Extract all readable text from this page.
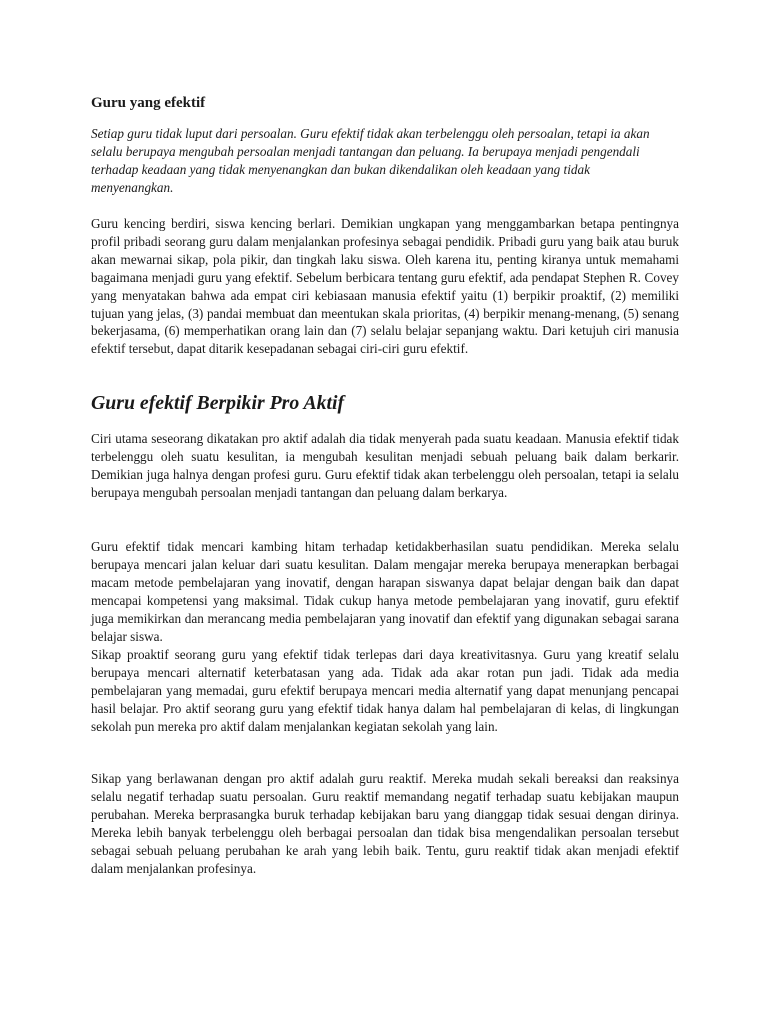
Guru yang efektif

Setiap guru tidak luput dari persoalan. Guru efektif tidak akan terbelenggu oleh persoalan, tetapi ia akan selalu berupaya mengubah persoalan menjadi tantangan dan peluang. Ia berupaya menjadi pengendali terhadap keadaan yang tidak menyenangkan dan bukan dikendalikan oleh keadaan yang tidak menyenangkan.

Guru kencing berdiri, siswa kencing berlari. Demikian ungkapan yang menggambarkan betapa pentingnya profil pribadi seorang guru dalam menjalankan profesinya sebagai pendidik. Pribadi guru yang baik atau buruk akan mewarnai sikap, pola pikir, dan tingkah laku siswa. Oleh karena itu, penting kiranya untuk memahami bagaimana menjadi guru yang efektif. Sebelum berbicara tentang guru efektif, ada pendapat Stephen R. Covey yang menyatakan bahwa ada empat ciri kebiasaan manusia efektif yaitu (1) berpikir proaktif, (2) memiliki tujuan yang jelas, (3) pandai membuat dan meentukan skala prioritas, (4) berpikir menang-menang, (5) senang bekerjasama, (6) memperhatikan orang lain dan (7) selalu belajar sepanjang waktu. Dari ketujuh ciri manusia efektif tersebut, dapat ditarik kesepadanan sebagai ciri-ciri guru efektif.

Guru efektif Berpikir Pro Aktif

Ciri utama seseorang dikatakan pro aktif adalah dia tidak menyerah pada suatu keadaan. Manusia efektif tidak terbelenggu oleh suatu kesulitan, ia mengubah kesulitan menjadi sebuah peluang baik dalam berkarir. Demikian juga halnya dengan profesi guru. Guru efektif tidak akan terbelenggu oleh persoalan, tetapi ia selalu berupaya mengubah persoalan menjadi tantangan dan peluang dalam berkarya.

Guru efektif tidak mencari kambing hitam terhadap ketidakberhasilan suatu pendidikan. Mereka selalu berupaya mencari jalan keluar dari suatu kesulitan. Dalam mengajar mereka berupaya menerapkan berbagai macam metode pembelajaran yang inovatif, dengan harapan siswanya dapat belajar dengan baik dan dapat mencapai kompetensi yang maksimal. Tidak cukup hanya metode pembelajaran yang inovatif, guru efektif juga memikirkan dan merancang media pembelajaran yang inovatif dan efektif yang digunakan sebagai sarana belajar siswa.

Sikap proaktif seorang guru yang efektif tidak terlepas dari daya kreativitasnya. Guru yang kreatif selalu berupaya mencari alternatif keterbatasan yang ada. Tidak ada akar rotan pun jadi. Tidak ada media pembelajaran yang memadai, guru efektif berupaya mencari media alternatif yang dapat menunjang pencapai hasil belajar. Pro aktif seorang guru yang efektif tidak hanya dalam hal pembelajaran di kelas, di lingkungan sekolah pun mereka pro aktif dalam menjalankan kegiatan sekolah yang lain.

Sikap yang berlawanan dengan pro aktif adalah guru reaktif. Mereka mudah sekali bereaksi dan reaksinya selalu negatif terhadap suatu persoalan. Guru reaktif memandang negatif terhadap suatu kebijakan maupun perubahan. Mereka berprasangka buruk terhadap kebijakan baru yang dianggap tidak sesuai dengan dirinya. Mereka lebih banyak terbelenggu oleh berbagai persoalan dan tidak bisa mengendalikan persoalan tersebut sebagai sebuah peluang perubahan ke arah yang lebih baik. Tentu, guru reaktif tidak akan menjadi efektif dalam menjalankan profesinya.
